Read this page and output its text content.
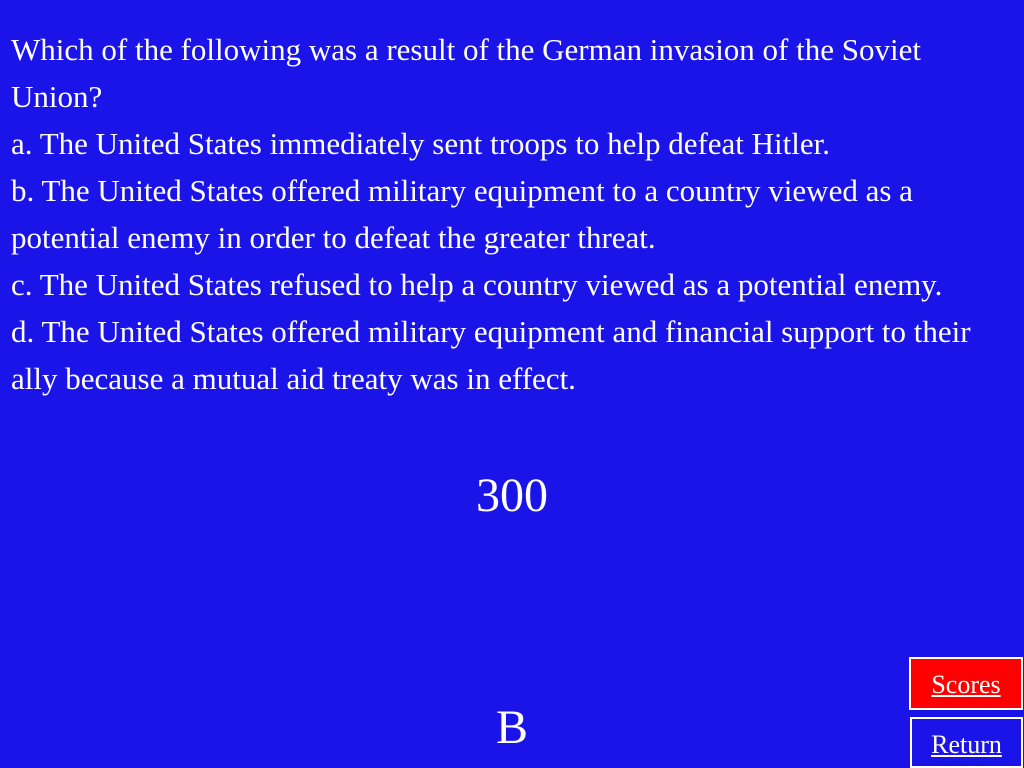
Which of the following was a result of the German invasion of the Soviet Union?

a. The United States immediately sent troops to help defeat Hitler.

b. The United States offered military equipment to a country viewed as a potential enemy in order to defeat the greater threat.

c. The United States refused to help a country viewed as a potential enemy.

d. The United States offered military equipment and financial support to their ally because a mutual aid treaty was in effect.

300
B
Scores
Return
